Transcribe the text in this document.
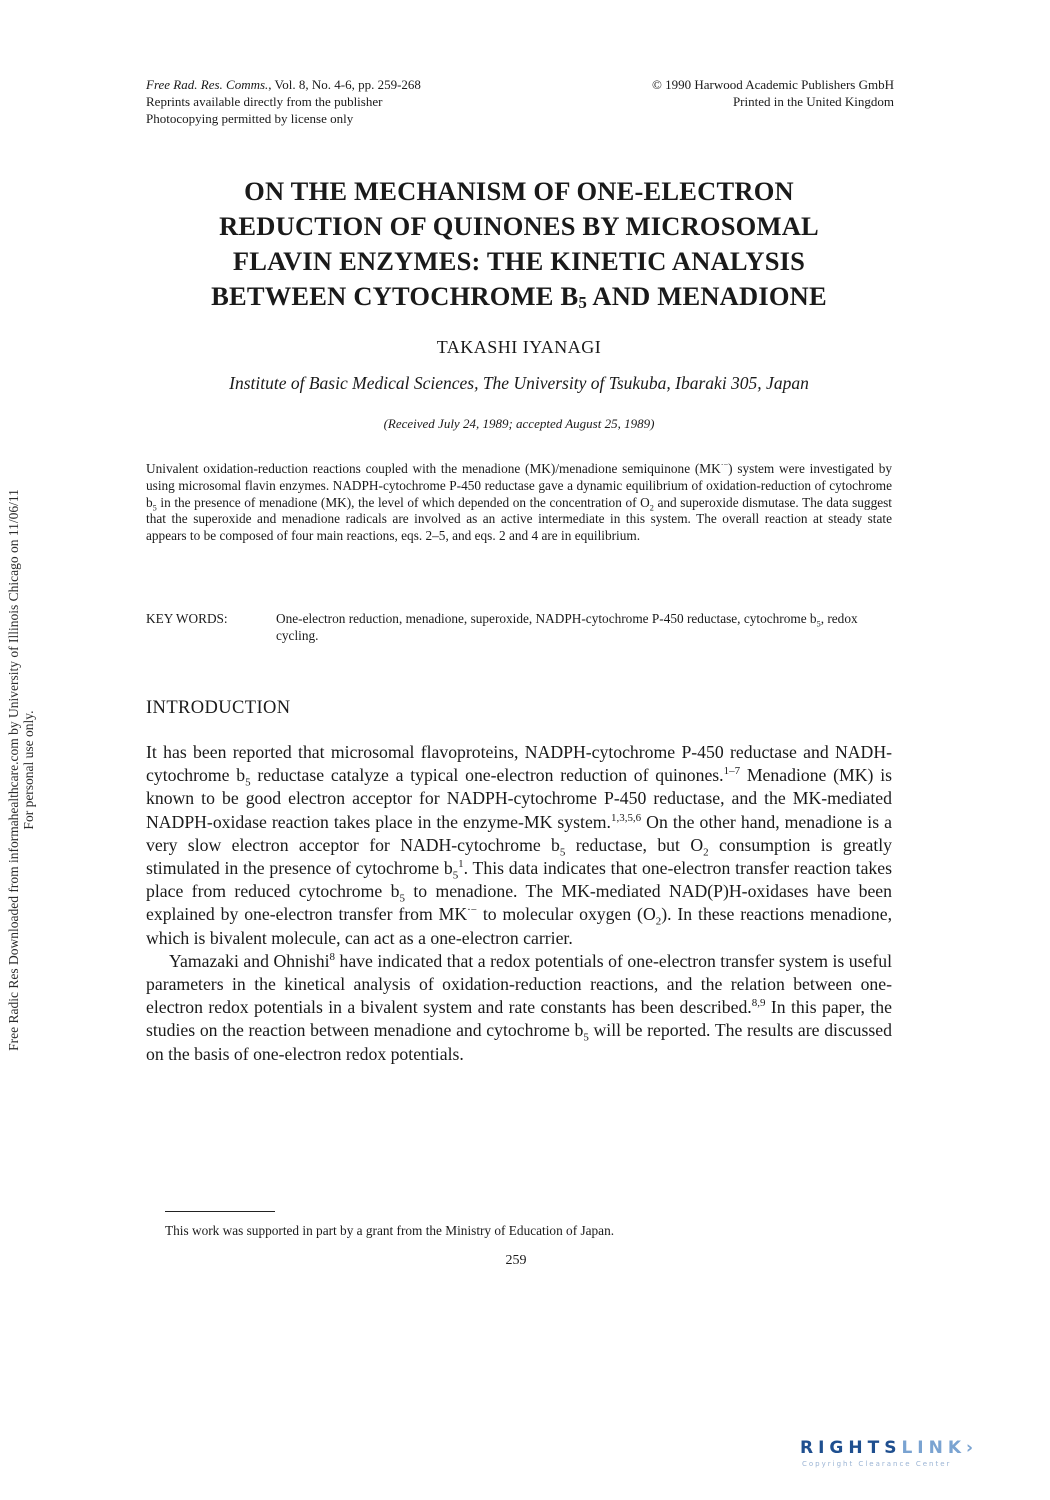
Free Rad. Res. Comms., Vol. 8, No. 4-6, pp. 259-268
Reprints available directly from the publisher
Photocopying permitted by license only
© 1990 Harwood Academic Publishers GmbH
Printed in the United Kingdom
ON THE MECHANISM OF ONE-ELECTRON
REDUCTION OF QUINONES BY MICROSOMAL
FLAVIN ENZYMES: THE KINETIC ANALYSIS
BETWEEN CYTOCHROME $B_5$ AND MENADIONE
TAKASHI IYANAGI
Institute of Basic Medical Sciences, The University of Tsukuba, Ibaraki 305, Japan
(Received July 24, 1989; accepted August 25, 1989)

Univalent oxidation-reduction reactions coupled with the menadione (MK)/menadione semiquinone (MK·−) system were investigated by using microsomal flavin enzymes. NADPH-cytochrome P-450 reductase gave a dynamic equilibrium of oxidation-reduction of cytochrome $b_5$ in the presence of menadione (MK), the level of which depended on the concentration of $O_2$ and superoxide dismutase. The data suggest that the superoxide and menadione radicals are involved as an active intermediate in this system. The overall reaction at steady state appears to be composed of four main reactions, eqs. 2–5, and eqs. 2 and 4 are in equilibrium.

KEY WORDS:	One-electron reduction, menadione, superoxide, NADPH-cytochrome P-450 reductase, cytochrome $b_5$, redox cycling.
INTRODUCTION

It has been reported that microsomal flavoproteins, NADPH-cytochrome P-450 reductase and NADH-cytochrome $b_5$ reductase catalyze a typical one-electron reduction of quinones.$^{1-7}$ Menadione (MK) is known to be good electron acceptor for NADPH-cytochrome P-450 reductase, and the MK-mediated NADPH-oxidase reaction takes place in the enzyme-MK system.$^{1,3,5,6}$ On the other hand, menadione is a very slow electron acceptor for NADH-cytochrome $b_5$ reductase, but $O_2$ consumption is greatly stimulated in the presence of cytochrome $b_5^1$. This data indicates that one-electron transfer reaction takes place from reduced cytochrome $b_5$ to menadione. The MK-mediated NAD(P)H-oxidases have been explained by one-electron transfer from MK·− to molecular oxygen $(O_2)$. In these reactions menadione, which is bivalent molecule, can act as a one-electron carrier.

Yamazaki and Ohnishi$^8$ have indicated that a redox potentials of one-electron transfer system is useful parameters in the kinetical analysis of oxidation-reduction reactions, and the relation between one-electron redox potentials in a bivalent system and rate constants has been described.$^{8,9}$ In this paper, the studies on the reaction between menadione and cytochrome $b_5$ will be reported. The results are discussed on the basis of one-electron redox potentials.

This work was supported in part by a grant from the Ministry of Education of Japan.
259
Free Radic Res Downloaded from informahealthcare.com by University of Illinois Chicago on 11/06/11 For personal use only.
RIGHTSLINK›
Copyright Clearance Center
